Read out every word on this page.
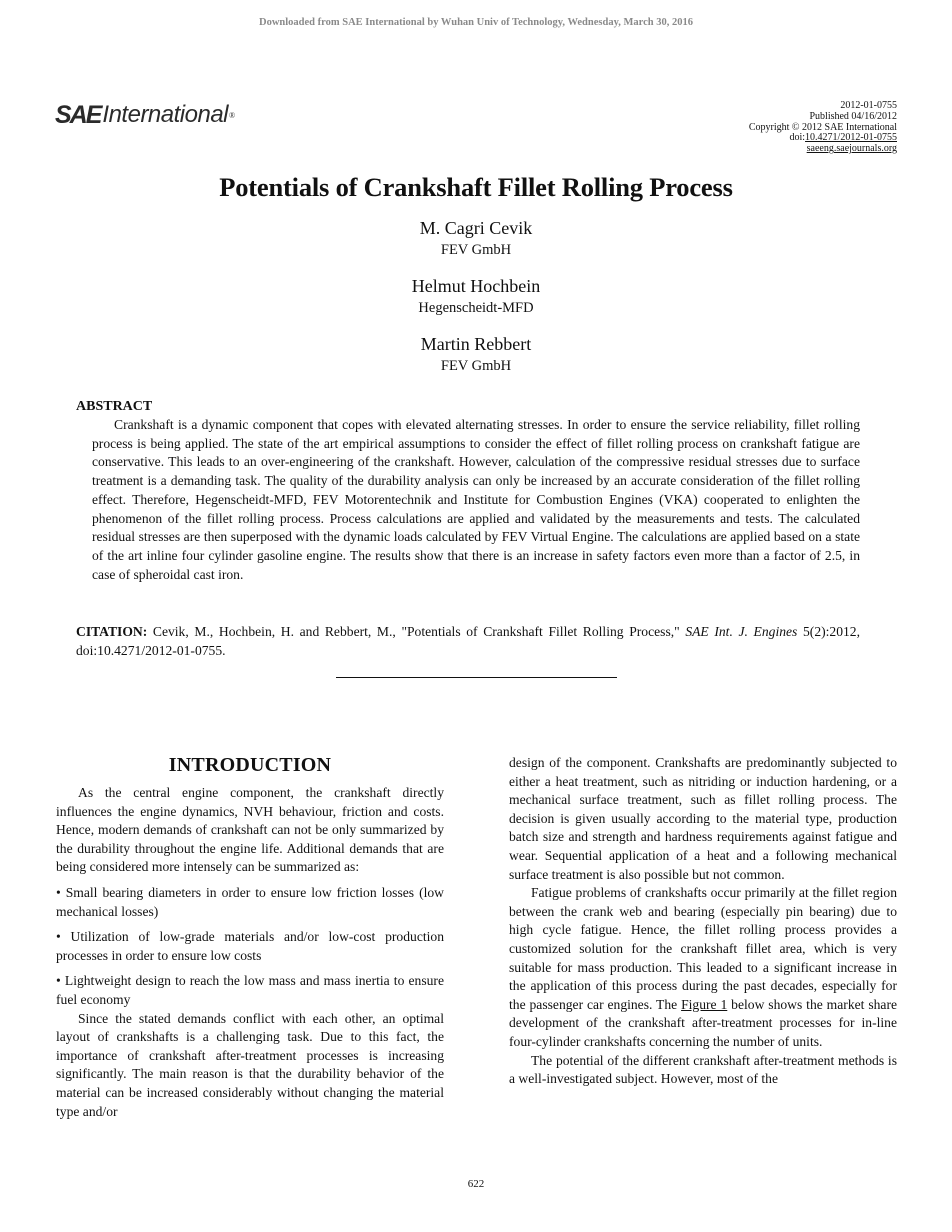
Downloaded from SAE International by Wuhan Univ of Technology, Wednesday, March 30, 2016
SAE International ®
2012-01-0755
Published 04/16/2012
Copyright © 2012 SAE International
doi:10.4271/2012-01-0755
saeeng.saejournals.org
Potentials of Crankshaft Fillet Rolling Process
M. Cagri Cevik
FEV GmbH
Helmut Hochbein
Hegenscheidt-MFD
Martin Rebbert
FEV GmbH
ABSTRACT
Crankshaft is a dynamic component that copes with elevated alternating stresses. In order to ensure the service reliability, fillet rolling process is being applied. The state of the art empirical assumptions to consider the effect of fillet rolling process on crankshaft fatigue are conservative. This leads to an over-engineering of the crankshaft. However, calculation of the compressive residual stresses due to surface treatment is a demanding task. The quality of the durability analysis can only be increased by an accurate consideration of the fillet rolling effect. Therefore, Hegenscheidt-MFD, FEV Motorentechnik and Institute for Combustion Engines (VKA) cooperated to enlighten the phenomenon of the fillet rolling process. Process calculations are applied and validated by the measurements and tests. The calculated residual stresses are then superposed with the dynamic loads calculated by FEV Virtual Engine. The calculations are applied based on a state of the art inline four cylinder gasoline engine. The results show that there is an increase in safety factors even more than a factor of 2.5, in case of spheroidal cast iron.
CITATION: Cevik, M., Hochbein, H. and Rebbert, M., "Potentials of Crankshaft Fillet Rolling Process," SAE Int. J. Engines 5(2):2012, doi:10.4271/2012-01-0755.
INTRODUCTION

As the central engine component, the crankshaft directly influences the engine dynamics, NVH behaviour, friction and costs. Hence, modern demands of crankshaft can not be only summarized by the durability throughout the engine life. Additional demands that are being considered more intensely can be summarized as:

• Small bearing diameters in order to ensure low friction losses (low mechanical losses)

• Utilization of low-grade materials and/or low-cost production processes in order to ensure low costs

• Lightweight design to reach the low mass and mass inertia to ensure fuel economy

Since the stated demands conflict with each other, an optimal layout of crankshafts is a challenging task. Due to this fact, the importance of crankshaft after-treatment processes is increasing significantly. The main reason is that the durability behavior of the material can be increased considerably without changing the material type and/or

design of the component. Crankshafts are predominantly subjected to either a heat treatment, such as nitriding or induction hardening, or a mechanical surface treatment, such as fillet rolling process. The decision is given usually according to the material type, production batch size and strength and hardness requirements against fatigue and wear. Sequential application of a heat and a following mechanical surface treatment is also possible but not common.

Fatigue problems of crankshafts occur primarily at the fillet region between the crank web and bearing (especially pin bearing) due to high cycle fatigue. Hence, the fillet rolling process provides a customized solution for the crankshaft fillet area, which is very suitable for mass production. This leaded to a significant increase in the application of this process during the past decades, especially for the passenger car engines. The Figure 1 below shows the market share development of the crankshaft after-treatment processes for in-line four-cylinder crankshafts concerning the number of units.

The potential of the different crankshaft after-treatment methods is a well-investigated subject. However, most of the

622
